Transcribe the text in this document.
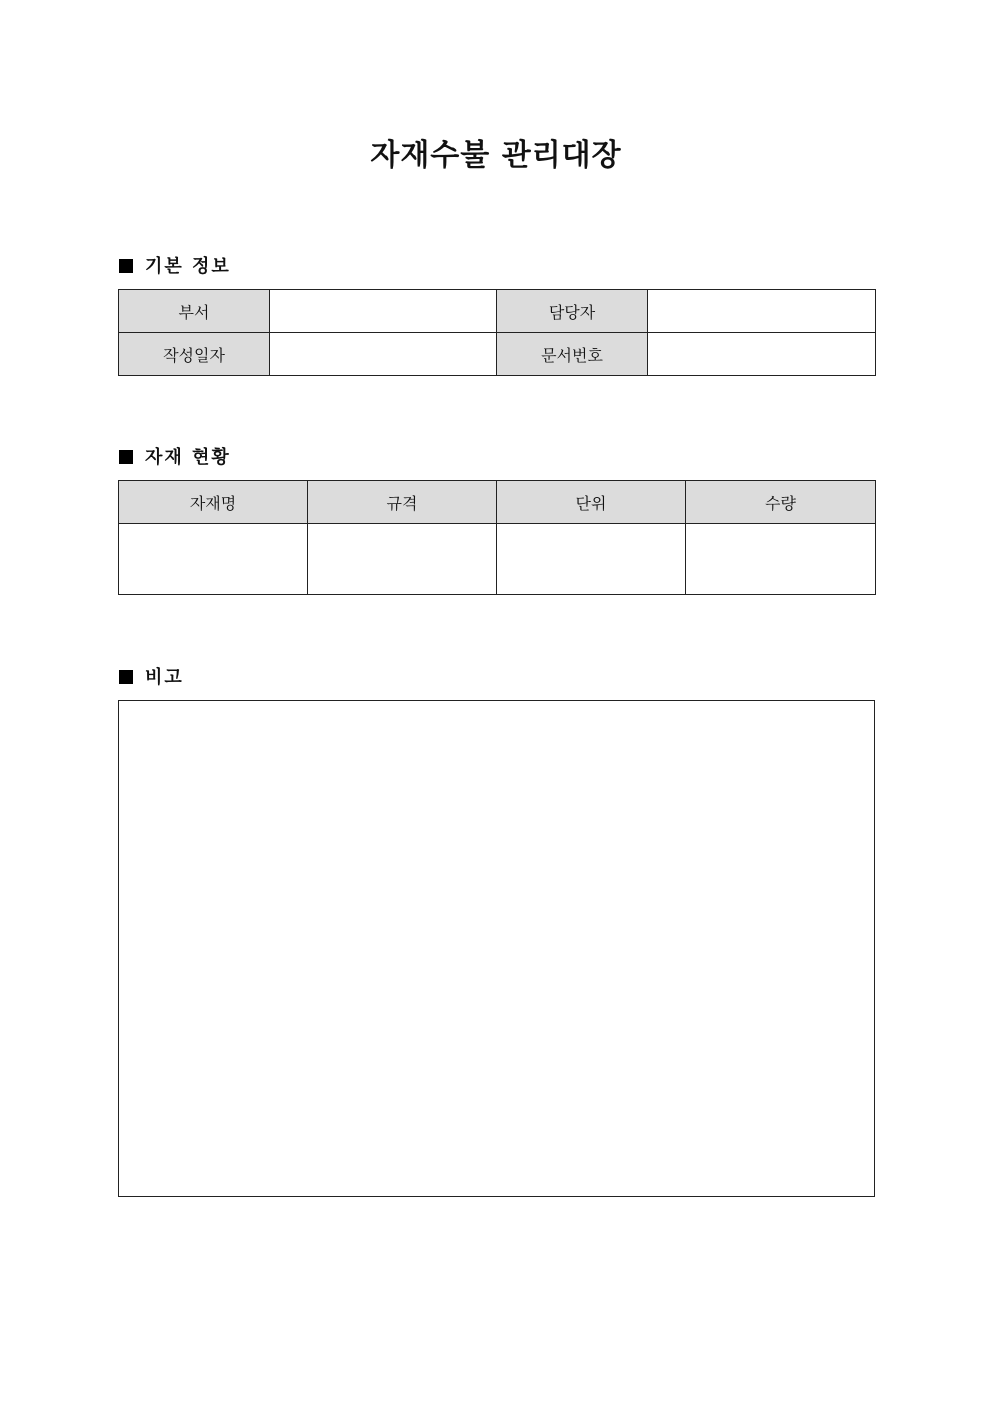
자재수불 관리대장
기본 정보
부서		담당자	
작성일자		문서번호	
자재 현황
자재명	규격	단위	수량

비고
